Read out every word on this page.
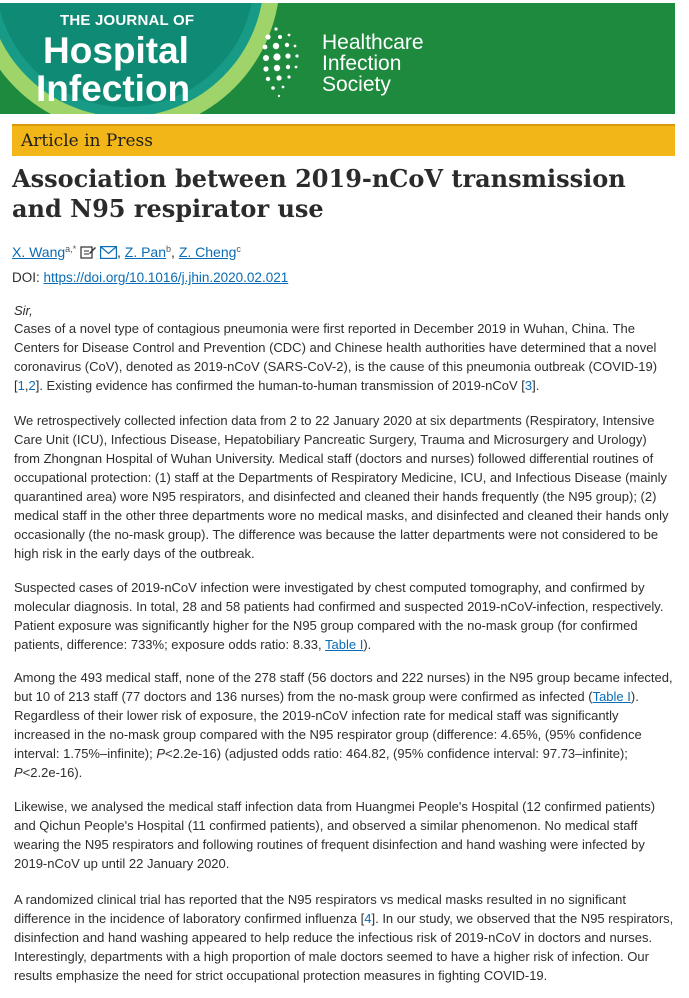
THE JOURNAL OF
Hospital
Infection
Healthcare
Infection
Society
Article in Press
Association between 2019-nCoV transmission and N95 respirator use
X. Wang$^{a,*}$	, Z. Pan$^b$, Z. Cheng$^c$
DOI: https://doi.org/10.1016/j.jhin.2020.02.021
Sir,

Cases of a novel type of contagious pneumonia were first reported in December 2019 in Wuhan, China. The Centers for Disease Control and Prevention (CDC) and Chinese health authorities have determined that a novel coronavirus (CoV), denoted as 2019-nCoV (SARS-CoV-2), is the cause of this pneumonia outbreak (COVID-19) [1,2]. Existing evidence has confirmed the human-to-human transmission of 2019-nCoV [3].

We retrospectively collected infection data from 2 to 22 January 2020 at six departments (Respiratory, Intensive Care Unit (ICU), Infectious Disease, Hepatobiliary Pancreatic Surgery, Trauma and Microsurgery and Urology) from Zhongnan Hospital of Wuhan University. Medical staff (doctors and nurses) followed differential routines of occupational protection: (1) staff at the Departments of Respiratory Medicine, ICU, and Infectious Disease (mainly quarantined area) wore N95 respirators, and disinfected and cleaned their hands frequently (the N95 group); (2) medical staff in the other three departments wore no medical masks, and disinfected and cleaned their hands only occasionally (the no-mask group). The difference was because the latter departments were not considered to be high risk in the early days of the outbreak.

Suspected cases of 2019-nCoV infection were investigated by chest computed tomography, and confirmed by molecular diagnosis. In total, 28 and 58 patients had confirmed and suspected 2019-nCoV-infection, respectively. Patient exposure was significantly higher for the N95 group compared with the no-mask group (for confirmed patients, difference: 733%; exposure odds ratio: 8.33, Table I).

Among the 493 medical staff, none of the 278 staff (56 doctors and 222 nurses) in the N95 group became infected, but 10 of 213 staff (77 doctors and 136 nurses) from the no-mask group were confirmed as infected (Table I). Regardless of their lower risk of exposure, the 2019-nCoV infection rate for medical staff was significantly increased in the no-mask group compared with the N95 respirator group (difference: 4.65%, (95% confidence interval: 1.75%–infinite); P<2.2e-16) (adjusted odds ratio: 464.82, (95% confidence interval: 97.73–infinite); P<2.2e-16).

Likewise, we analysed the medical staff infection data from Huangmei People's Hospital (12 confirmed patients) and Qichun People's Hospital (11 confirmed patients), and observed a similar phenomenon. No medical staff wearing the N95 respirators and following routines of frequent disinfection and hand washing were infected by 2019-nCoV up until 22 January 2020.

A randomized clinical trial has reported that the N95 respirators vs medical masks resulted in no significant difference in the incidence of laboratory confirmed influenza [4]. In our study, we observed that the N95 respirators, disinfection and hand washing appeared to help reduce the infectious risk of 2019-nCoV in doctors and nurses. Interestingly, departments with a high proportion of male doctors seemed to have a higher risk of infection. Our results emphasize the need for strict occupational protection measures in fighting COVID-19.
